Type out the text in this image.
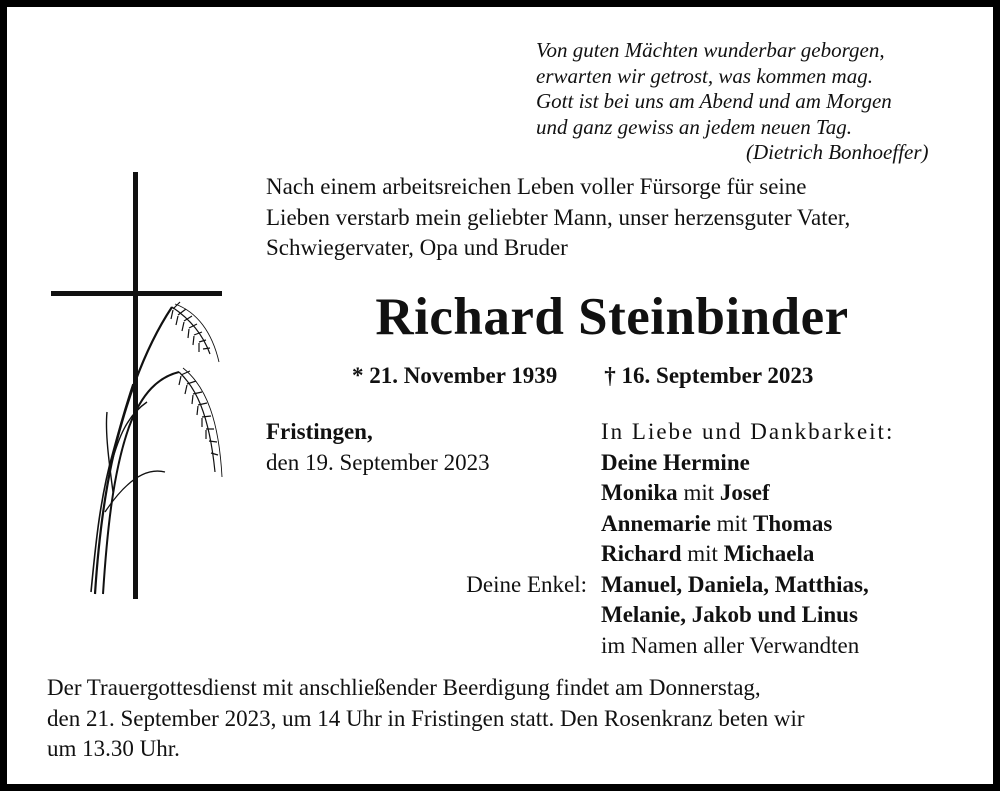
Von guten Mächten wunderbar geborgen,
erwarten wir getrost, was kommen mag.
Gott ist bei uns am Abend und am Morgen
und ganz gewiss an jedem neuen Tag.
(Dietrich Bonhoeffer)
Nach einem arbeitsreichen Leben voller Fürsorge für seine
Lieben verstarb mein geliebter Mann, unser herzensguter Vater,
Schwiegervater, Opa und Bruder
Richard Steinbinder
* 21. November 1939 † 16. September 2023
Fristingen,
den 19. September 2023
In Liebe und Dankbarkeit:
Deine Hermine
Monika mit Josef
Annemarie mit Thomas
Richard mit Michaela
Manuel, Daniela, Matthias,
Melanie, Jakob und Linus
im Namen aller Verwandten
Deine Enkel:
Der Trauergottesdienst mit anschließender Beerdigung findet am Donnerstag,
den 21. September 2023, um 14 Uhr in Fristingen statt. Den Rosenkranz beten wir
um 13.30 Uhr.
